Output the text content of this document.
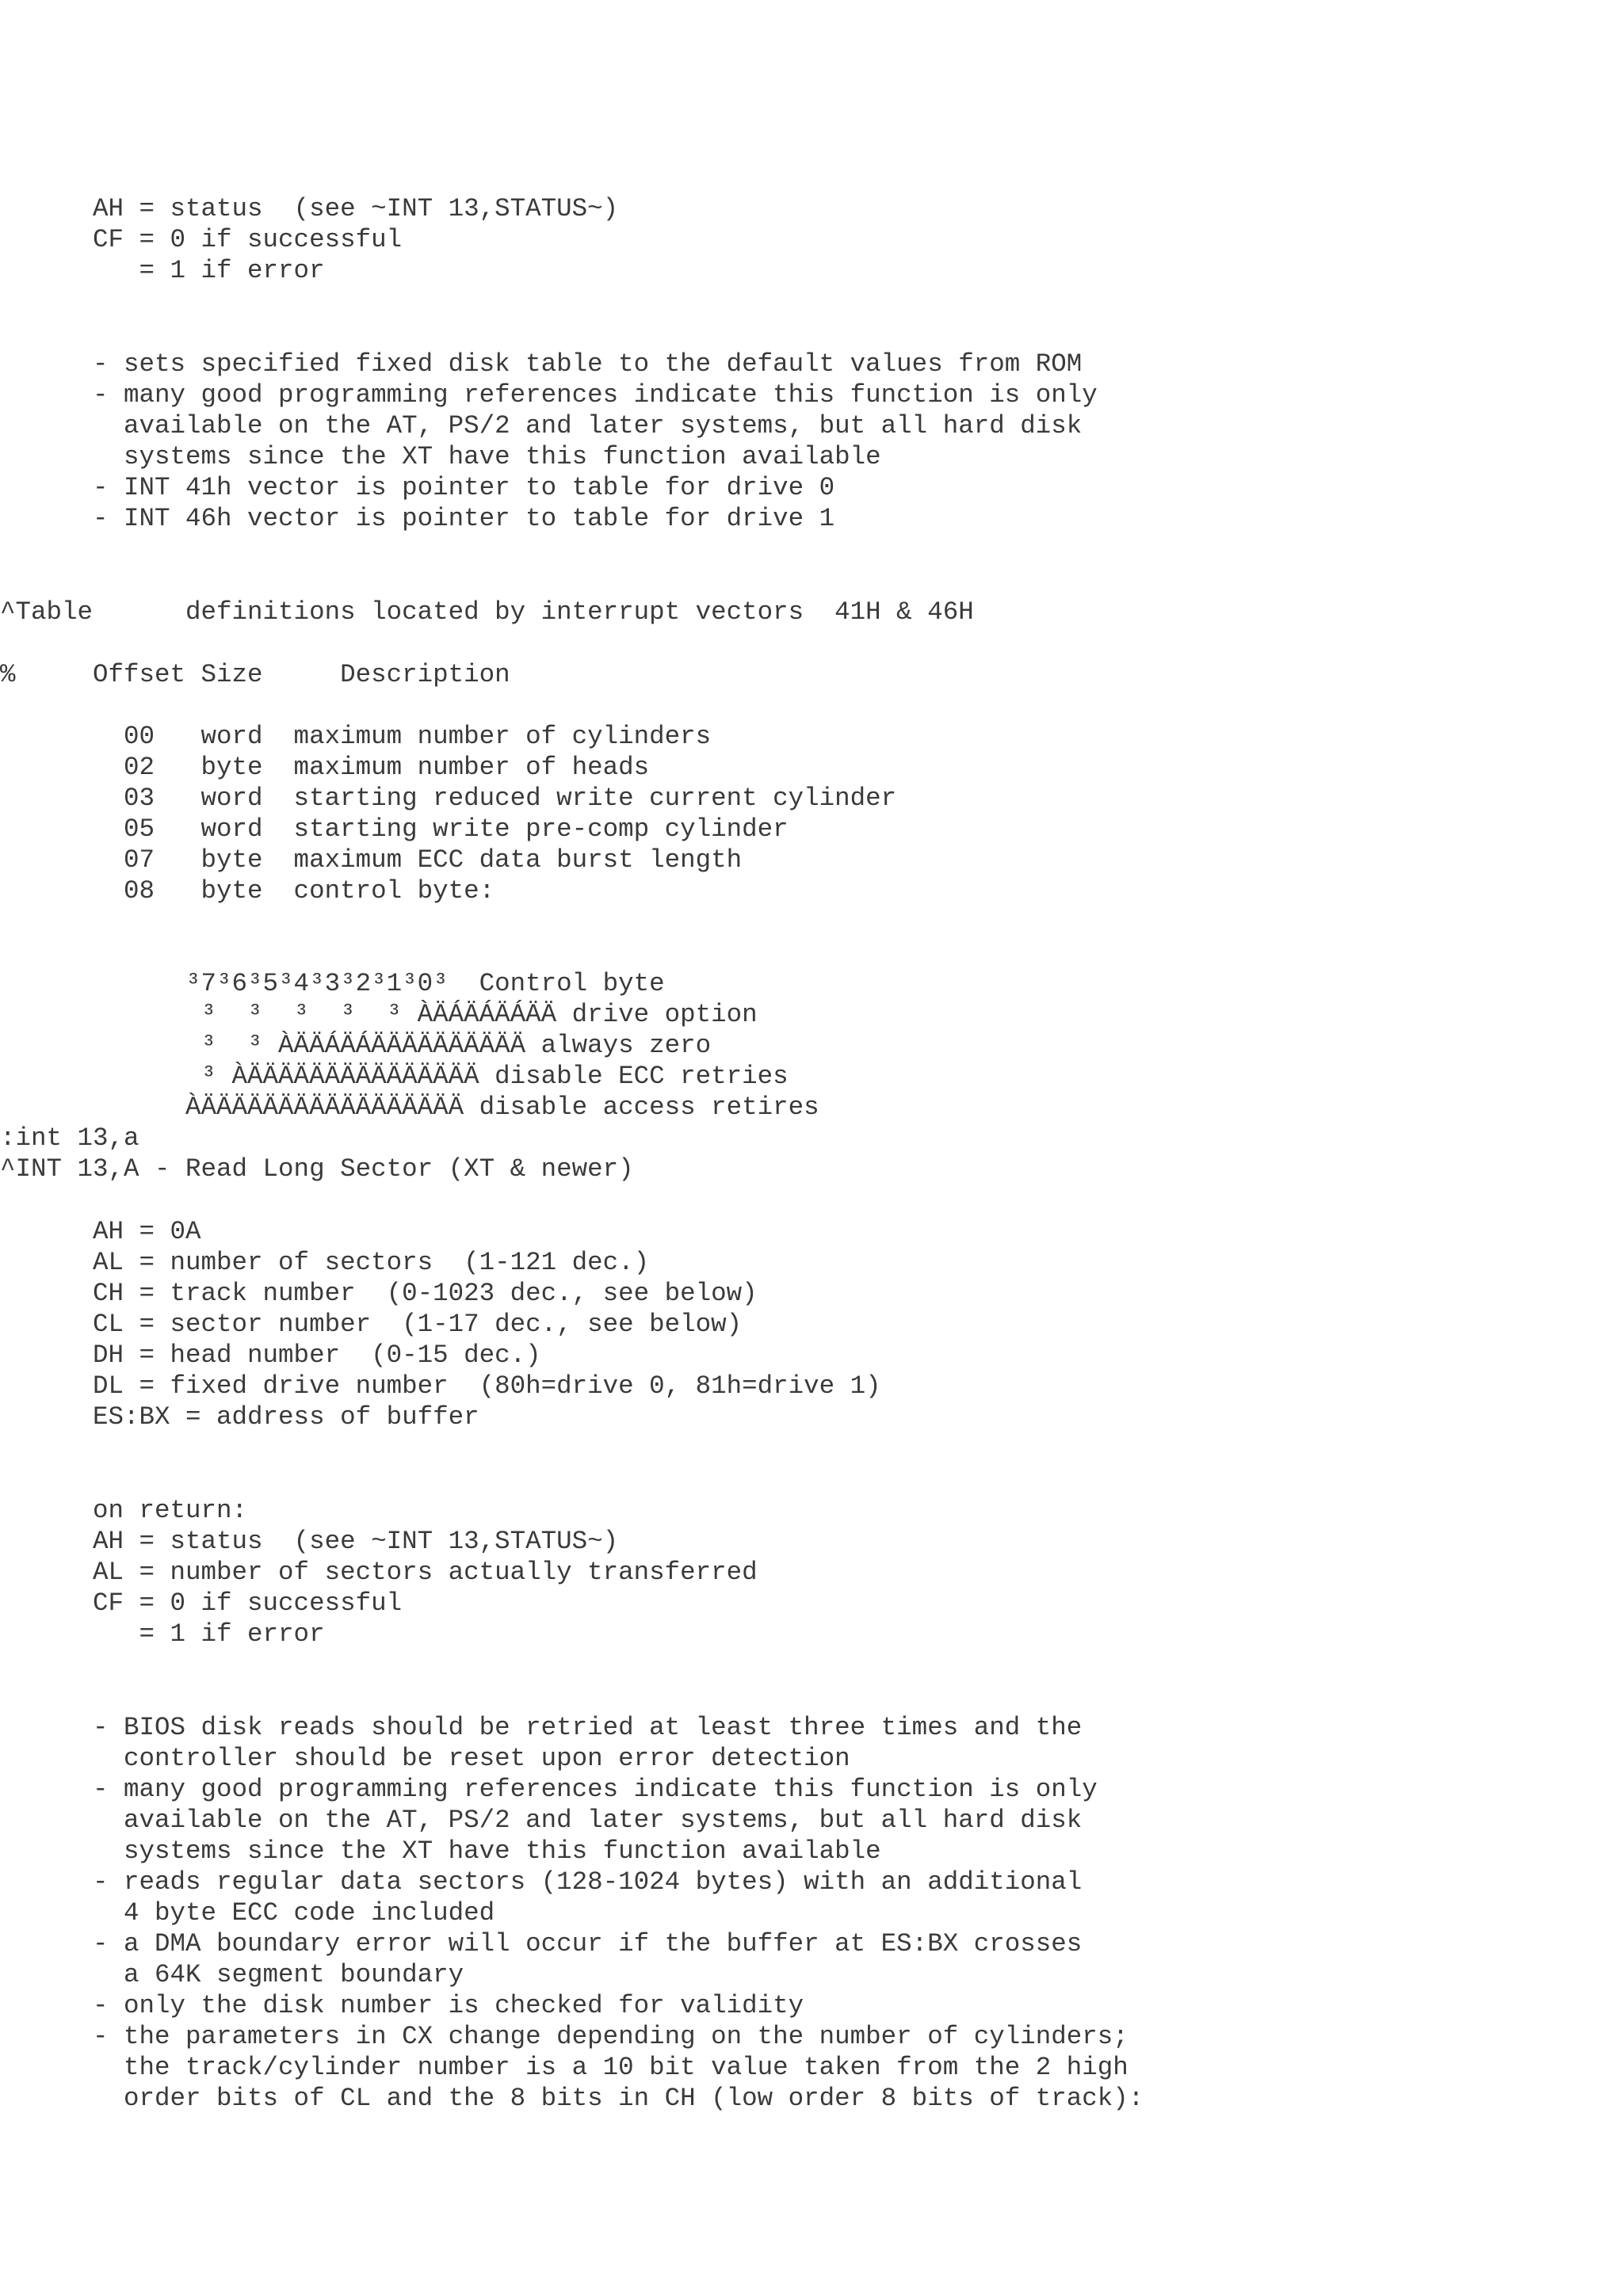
AH = status  (see ~INT 13,STATUS~)

CF = 0 if successful

= 1 if error

- sets specified fixed disk table to the default values from ROM

- many good programming references indicate this function is only

available on the AT, PS/2 and later systems, but all hard disk

systems since the XT have this function available

- INT 41h vector is pointer to table for drive 0

- INT 46h vector is pointer to table for drive 1

^Table      definitions located by interrupt vectors  41H & 46H

%     Offset Size     Description

00   word  maximum number of cylinders

02   byte  maximum number of heads

03   word  starting reduced write current cylinder

05   word  starting write pre-comp cylinder

07   byte  maximum ECC data burst length

08   byte  control byte:

³7³6³5³4³3³2³1³0³  Control byte

³  ³  ³  ³  ³ ÀÄÁÄÁÄÁÄÄ drive option

³  ³ ÀÄÄÁÄÁÄÄÄÄÄÄÄÄÄÄ always zero

³ ÀÄÄÄÄÄÄÄÄÄÄÄÄÄÄÄ disable ECC retries

ÀÄÄÄÄÄÄÄÄÄÄÄÄÄÄÄÄÄ disable access retires

:int 13,a

^INT 13,A - Read Long Sector (XT & newer)

AH = 0A

AL = number of sectors  (1-121 dec.)

CH = track number  (0-1023 dec., see below)

CL = sector number  (1-17 dec., see below)

DH = head number  (0-15 dec.)

DL = fixed drive number  (80h=drive 0, 81h=drive 1)

ES:BX = address of buffer

on return:

AH = status  (see ~INT 13,STATUS~)

AL = number of sectors actually transferred

CF = 0 if successful

= 1 if error

- BIOS disk reads should be retried at least three times and the

controller should be reset upon error detection

- many good programming references indicate this function is only

available on the AT, PS/2 and later systems, but all hard disk

systems since the XT have this function available

- reads regular data sectors (128-1024 bytes) with an additional

4 byte ECC code included

- a DMA boundary error will occur if the buffer at ES:BX crosses

a 64K segment boundary

- only the disk number is checked for validity

- the parameters in CX change depending on the number of cylinders;

the track/cylinder number is a 10 bit value taken from the 2 high

order bits of CL and the 8 bits in CH (low order 8 bits of track):
